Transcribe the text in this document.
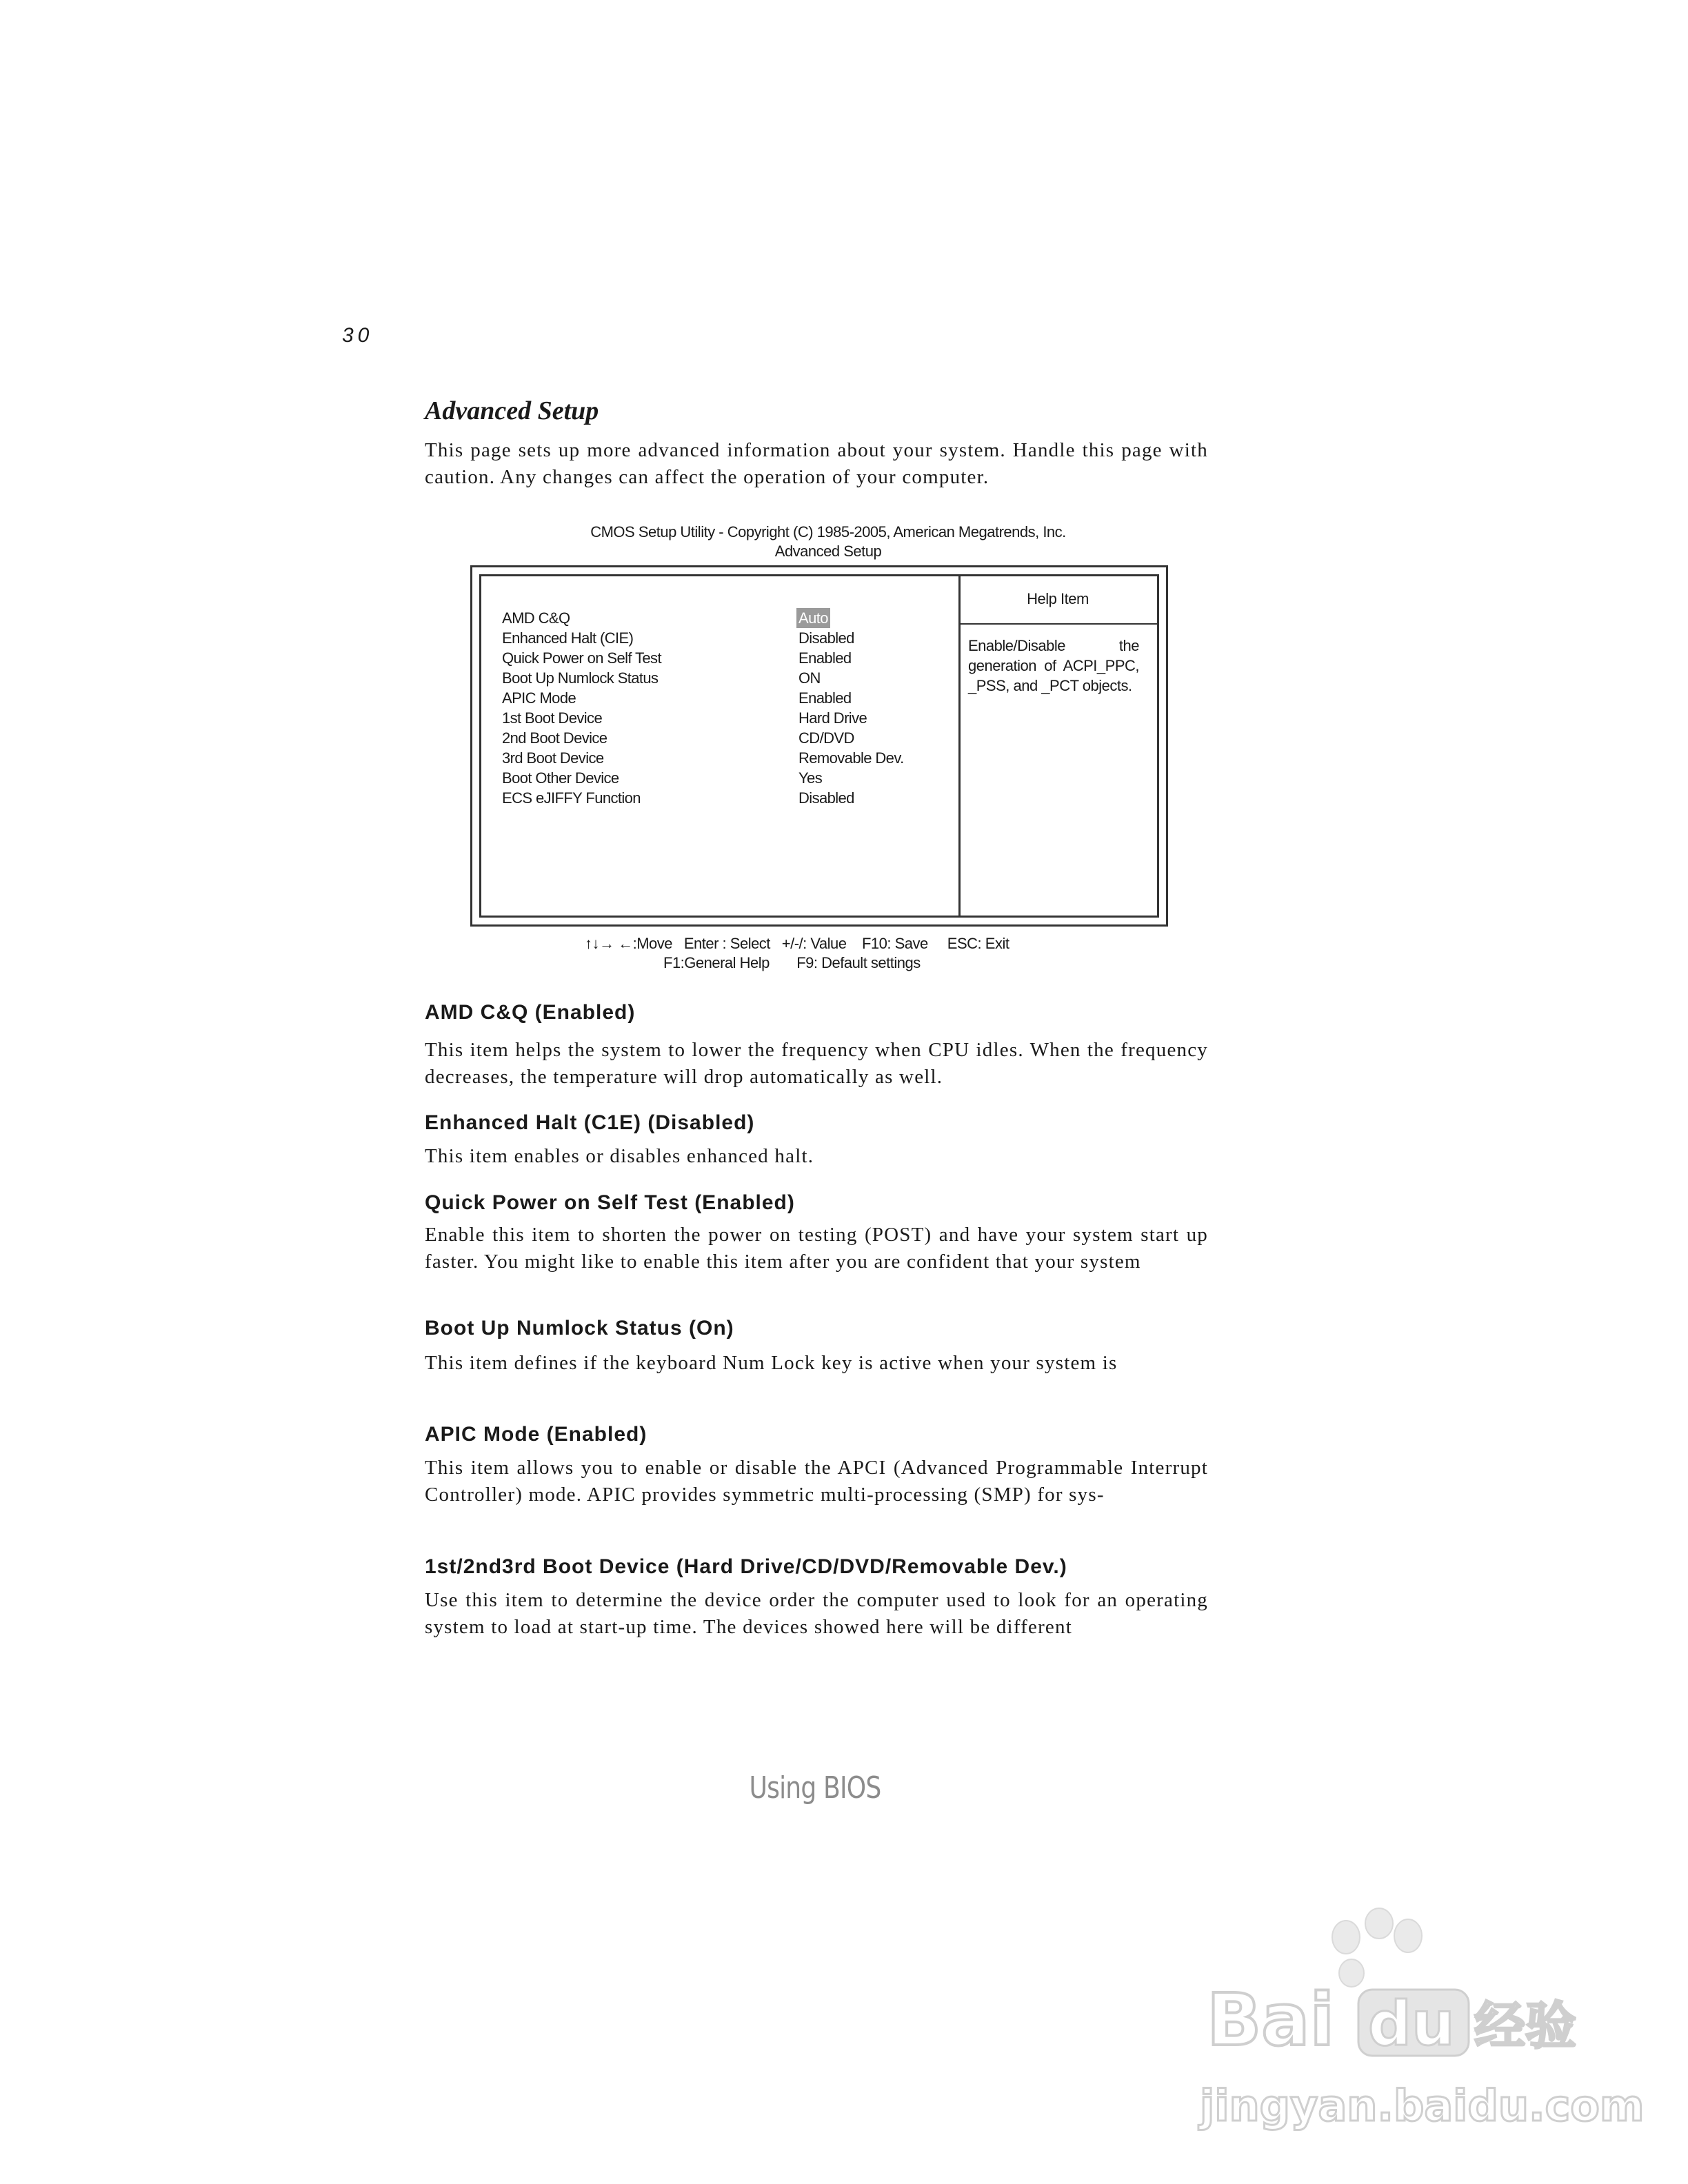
30
Advanced Setup
This page sets up more advanced information about your system. Handle this page with caution. Any changes can affect the operation of your computer.
CMOS Setup Utility - Copyright (C) 1985-2005, American Megatrends, Inc.
Advanced Setup
AMD C&Q	Auto
Enhanced Halt (CIE)	Disabled
Quick Power on Self Test	Enabled
Boot Up Numlock Status	ON
APIC Mode	Enabled
1st Boot Device	Hard Drive
2nd Boot Device	CD/DVD
3rd Boot Device	Removable Dev.
Boot Other Device	Yes
ECS eJIFFY Function	Disabled
Help Item
Enable/Disable the generation of ACPI_PPC, _PSS, and _PCT objects.
↑↓→ ←:Move   Enter : Select   +/-/: Value    F10: Save     ESC: Exit
F1:General Help       F9: Default settings
AMD C&Q (Enabled)
This item helps the system to lower the frequency when CPU idles. When the frequency decreases, the temperature will drop automatically as well.
Enhanced Halt (C1E) (Disabled)
This item enables or disables enhanced halt.
Quick Power on Self Test (Enabled)
Enable this item to shorten the power on testing (POST) and have your system start up faster. You might like to enable this item after you are confident that your system
Boot Up Numlock Status (On)
This item defines if the keyboard Num Lock key is active when your system is
APIC Mode (Enabled)
This item allows you to enable or disable the APCI (Advanced Programmable Interrupt Controller) mode. APIC provides symmetric multi-processing (SMP) for sys-
1st/2nd3rd Boot Device (Hard Drive/CD/DVD/Removable Dev.)
Use this item to determine the device order the computer used to look for an operating system to load at start-up time. The devices showed here will be different
Using BIOS
Bai du 经验
jingyan.baidu.com
